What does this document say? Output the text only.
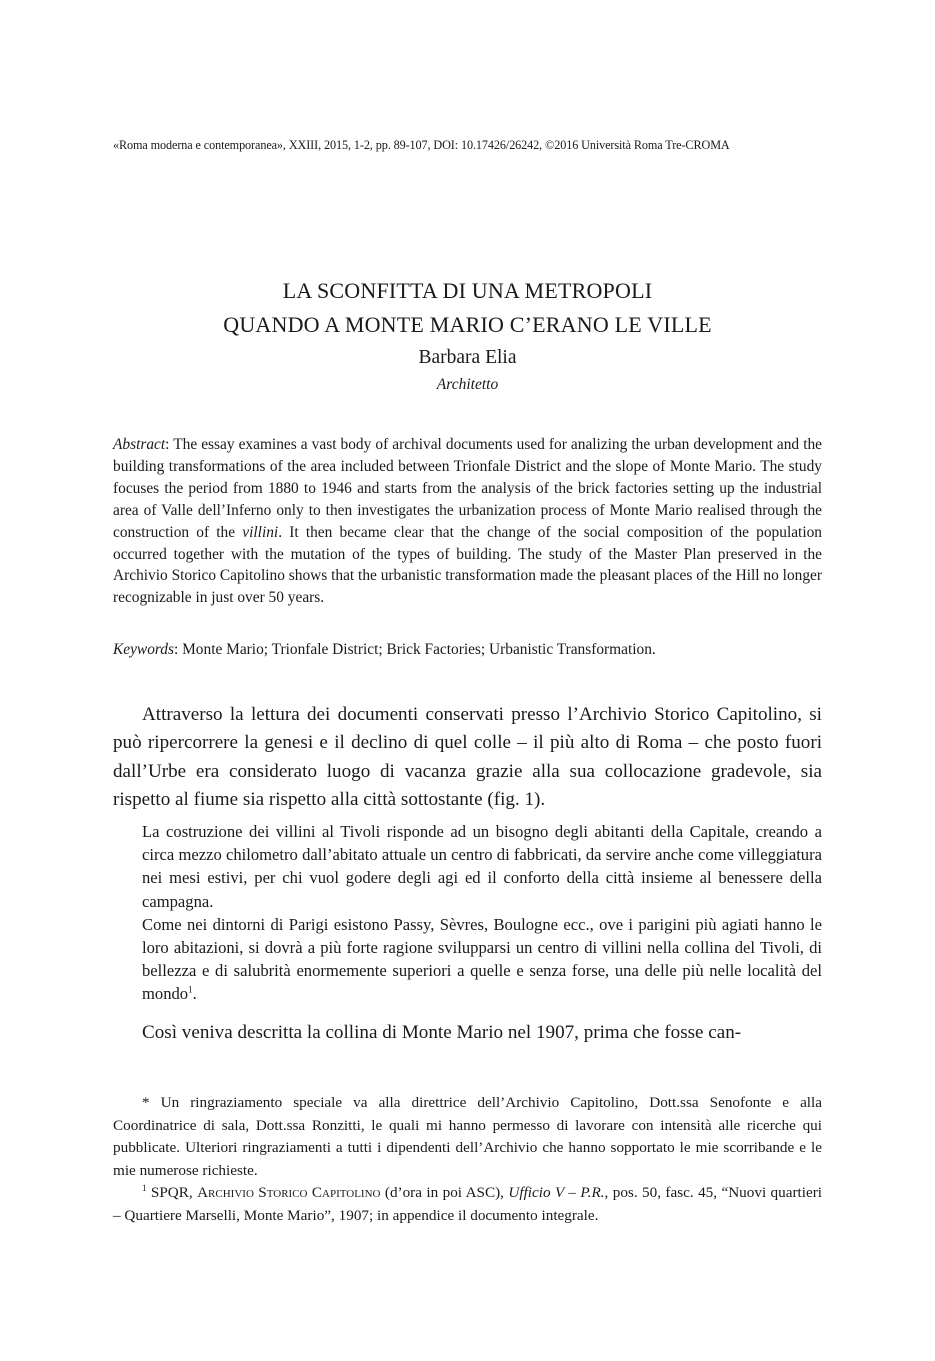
«Roma moderna e contemporanea», XXIII, 2015, 1-2, pp. 89-107, DOI: 10.17426/26242, ©2016 Università Roma Tre-CROMA
LA SCONFITTA DI UNA METROPOLI
QUANDO A MONTE MARIO C’ERANO LE VILLE
Barbara Elia
Architetto
Abstract: The essay examines a vast body of archival documents used for analizing the urban development and the building transformations of the area included between Trionfale District and the slope of Monte Mario. The study focuses the period from 1880 to 1946 and starts from the analysis of the brick factories setting up the industrial area of Valle dell’Inferno only to then investigates the urbanization process of Monte Mario realised through the construction of the villini. It then became clear that the change of the social composition of the population occurred together with the mutation of the types of building. The study of the Master Plan preserved in the Archivio Storico Capitolino shows that the urbanistic transformation made the pleasant places of the Hill no longer recognizable in just over 50 years.
Keywords: Monte Mario; Trionfale District; Brick Factories; Urbanistic Transformation.
Attraverso la lettura dei documenti conservati presso l’Archivio Storico Capitolino, si può ripercorrere la genesi e il declino di quel colle – il più alto di Roma – che posto fuori dall’Urbe era considerato luogo di vacanza grazie alla sua collocazione gradevole, sia rispetto al fiume sia rispetto alla città sottostante (fig. 1).

La costruzione dei villini al Tivoli risponde ad un bisogno degli abitanti della Capitale, creando a circa mezzo chilometro dall’abitato attuale un centro di fabbricati, da servire anche come villeggiatura nei mesi estivi, per chi vuol godere degli agi ed il conforto della città insieme al benessere della campagna.

Come nei dintorni di Parigi esistono Passy, Sèvres, Boulogne ecc., ove i parigini più agiati hanno le loro abitazioni, si dovrà a più forte ragione svilupparsi un centro di villini nella collina del Tivoli, di bellezza e di salubrità enormemente superiori a quelle e senza forse, una delle più nelle località del mondo$^1$.

Così veniva descritta la collina di Monte Mario nel 1907, prima che fosse can-

* Un ringraziamento speciale va alla direttrice dell’Archivio Capitolino, Dott.ssa Senofonte e alla Coordinatrice di sala, Dott.ssa Ronzitti, le quali mi hanno permesso di lavorare con intensità alle ricerche qui pubblicate. Ulteriori ringraziamenti a tutti i dipendenti dell’Archivio che hanno sopportato le mie scorribande e le mie numerose richieste.

$^1$ SPQR, Archivio Storico Capitolino (d’ora in poi ASC), Ufficio V – P.R., pos. 50, fasc. 45, “Nuovi quartieri – Quartiere Marselli, Monte Mario”, 1907; in appendice il documento integrale.
